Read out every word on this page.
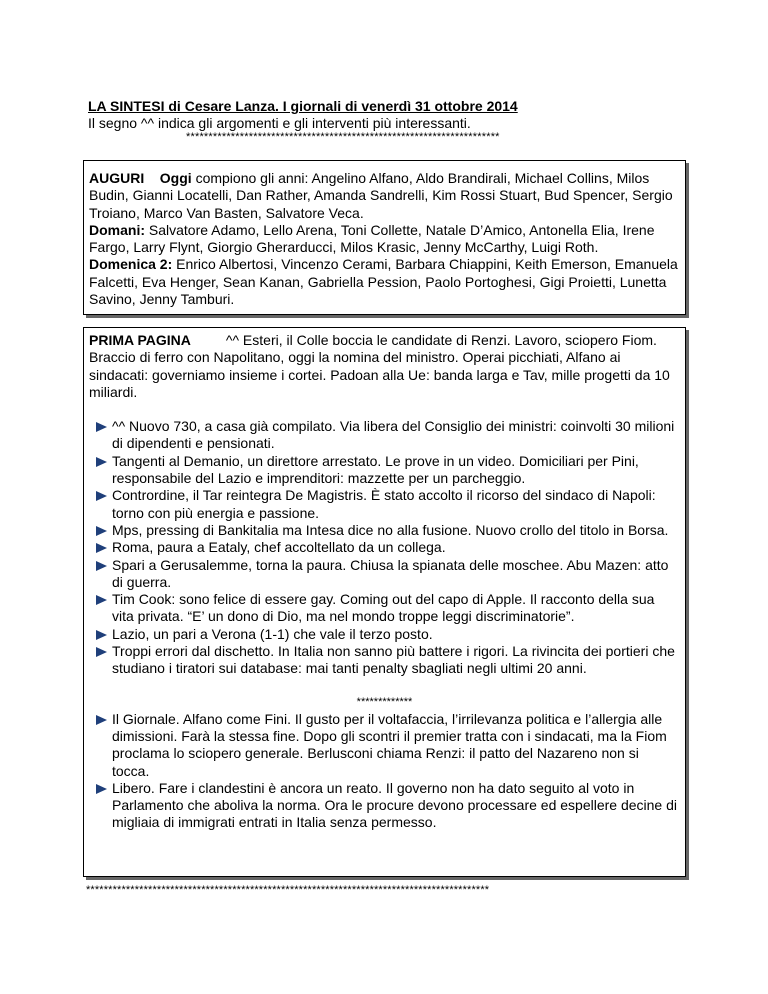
LA SINTESI di Cesare Lanza. I giornali di venerdì 31 ottobre 2014
Il segno ^^ indica gli argomenti e gli interventi più interessanti.
**********************************************************************

AUGURI Oggi compiono gli anni: Angelino Alfano, Aldo Brandirali, Michael Collins, Milos Budin, Gianni Locatelli, Dan Rather, Amanda Sandrelli, Kim Rossi Stuart, Bud Spencer, Sergio Troiano, Marco Van Basten, Salvatore Veca.

Domani: Salvatore Adamo, Lello Arena, Toni Collette, Natale D’Amico, Antonella Elia, Irene Fargo, Larry Flynt, Giorgio Gherarducci, Milos Krasic, Jenny McCarthy, Luigi Roth.

Domenica 2: Enrico Albertosi, Vincenzo Cerami, Barbara Chiappini, Keith Emerson, Emanuela Falcetti, Eva Henger, Sean Kanan, Gabriella Pession, Paolo Portoghesi, Gigi Proietti, Lunetta Savino, Jenny Tamburi.

PRIMA PAGINA	^^ Esteri, il Colle boccia le candidate di Renzi. Lavoro, sciopero Fiom. Braccio di ferro con Napolitano, oggi la nomina del ministro. Operai picchiati, Alfano ai sindacati: governiamo insieme i cortei. Padoan alla Ue: banda larga e Tav, mille progetti da 10 miliardi.

^^ Nuovo 730, a casa già compilato. Via libera del Consiglio dei ministri: coinvolti 30 milioni di dipendenti e pensionati.
Tangenti al Demanio, un direttore arrestato. Le prove in un video. Domiciliari per Pini, responsabile del Lazio e imprenditori: mazzette per un parcheggio.
Contrordine, il Tar reintegra De Magistris. È stato accolto il ricorso del sindaco di Napoli: torno con più energia e passione.
Mps, pressing di Bankitalia ma Intesa dice no alla fusione. Nuovo crollo del titolo in Borsa.
Roma, paura a Eataly, chef accoltellato da un collega.
Spari a Gerusalemme, torna la paura. Chiusa la spianata delle moschee. Abu Mazen: atto di guerra.
Tim Cook: sono felice di essere gay. Coming out del capo di Apple. Il racconto della sua vita privata. “E’ un dono di Dio, ma nel mondo troppe leggi discriminatorie”.
Lazio, un pari a Verona (1-1) che vale il terzo posto.
Troppi errori dal dischetto. In Italia non sanno più battere i rigori. La rivincita dei portieri che studiano i tiratori sui database: mai tanti penalty sbagliati negli ultimi 20 anni.
*************
Il Giornale. Alfano come Fini. Il gusto per il voltafaccia, l’irrilevanza politica e l’allergia alle dimissioni. Farà la stessa fine. Dopo gli scontri il premier tratta con i sindacati, ma la Fiom proclama lo sciopero generale. Berlusconi chiama Renzi: il patto del Nazareno non si tocca.
Libero. Fare i clandestini è ancora un reato. Il governo non ha dato seguito al voto in Parlamento che aboliva la norma. Ora le procure devono processare ed espellere decine di migliaia di immigrati entrati in Italia senza permesso.
*******************************************************************************************
